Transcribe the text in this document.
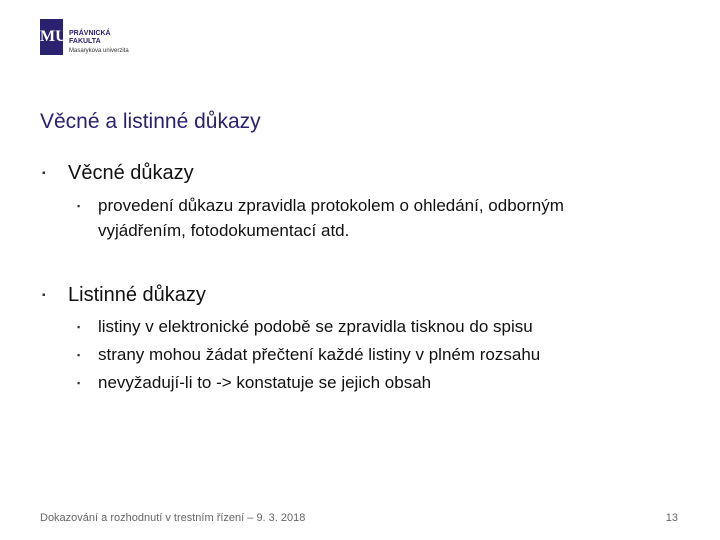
MU PRÁVNICKÁ
FAKULTA
Masarykova univerzita
Věcné a listinné důkazy
▪ Věcné důkazy
▪ provedení důkazu zpravidla protokolem o ohledání, odborným
vyjádřením, fotodokumentací atd.
▪ Listinné důkazy
▪ listiny v elektronické podobě se zpravidla tisknou do spisu
▪ strany mohou žádat přečtení každé listiny v plném rozsahu
▪ nevyžadují-li to -> konstatuje se jejich obsah
Dokazování a rozhodnutí v trestním řízení – 9. 3. 2018	13
